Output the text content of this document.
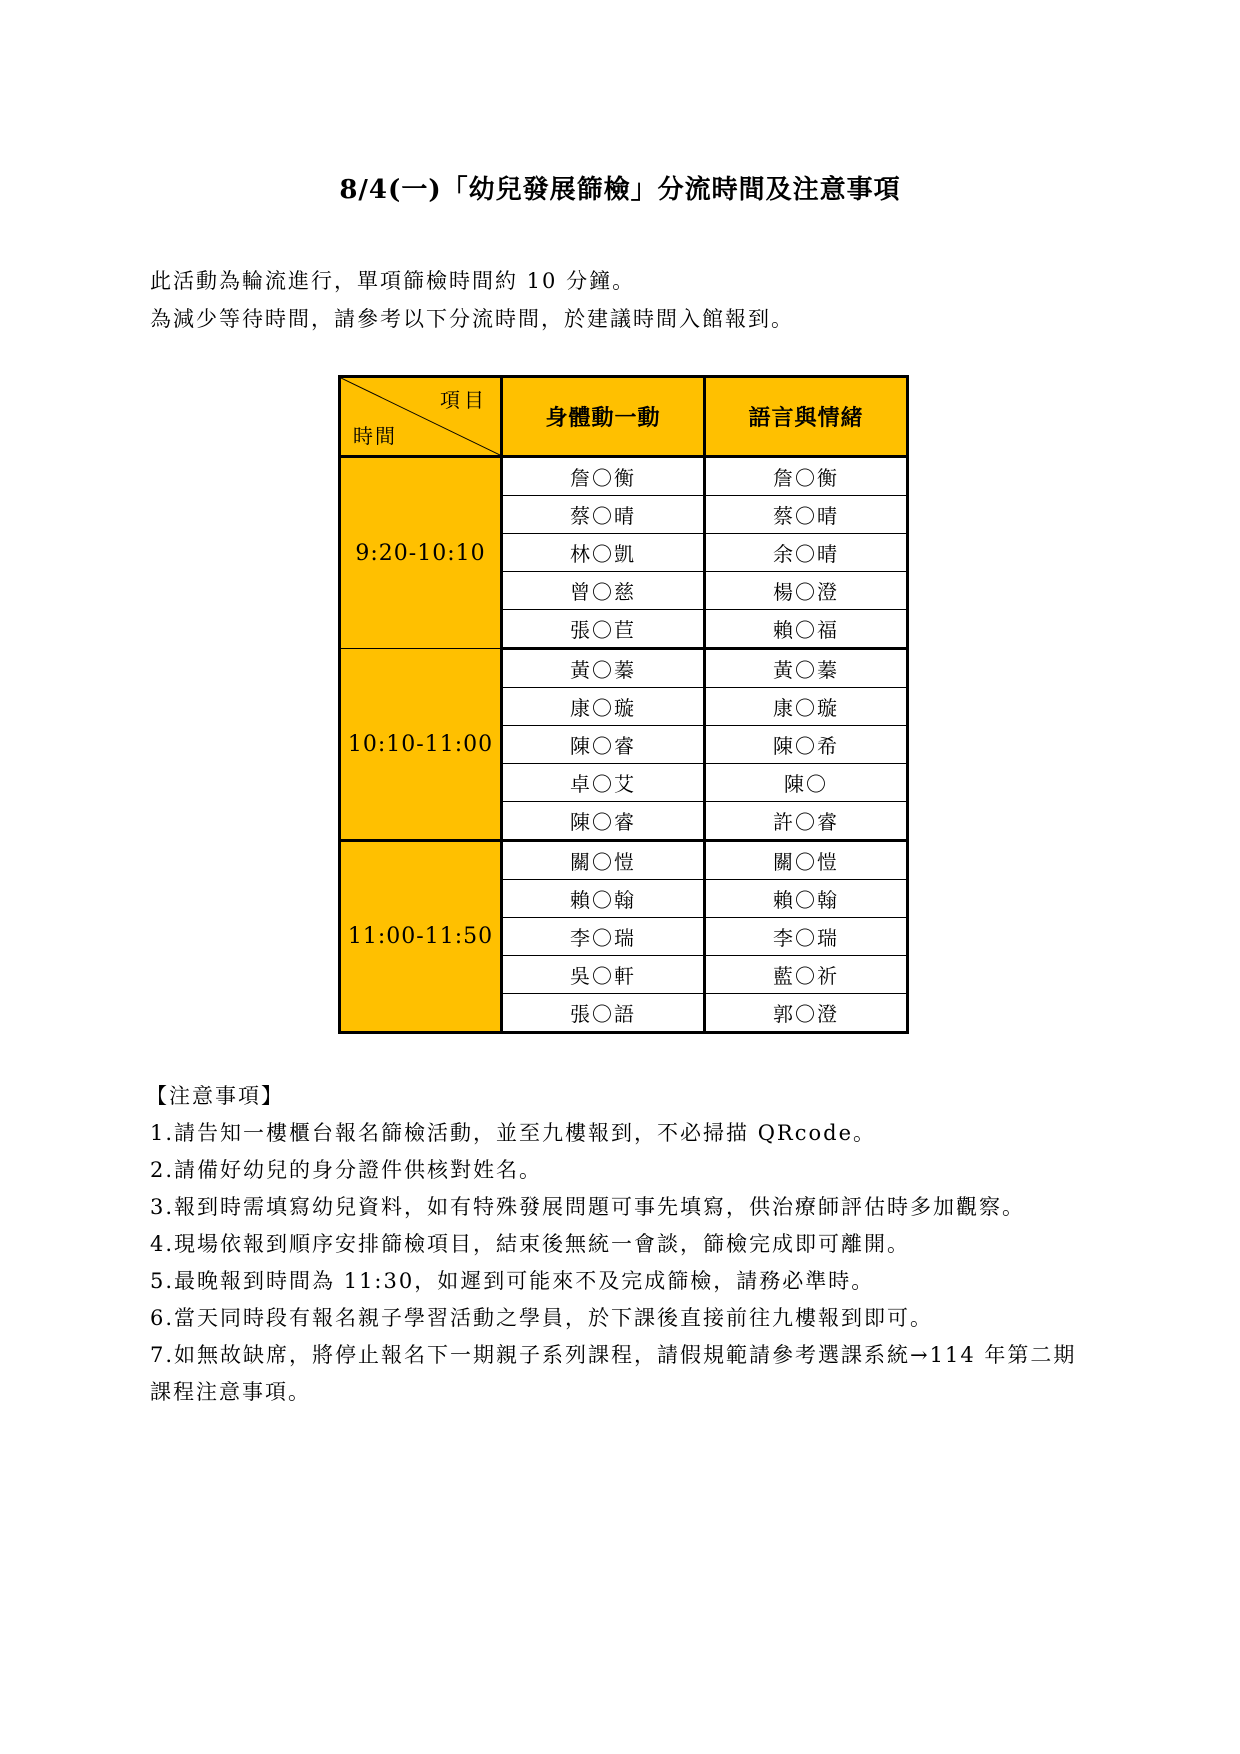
8/4(一)「幼兒發展篩檢」分流時間及注意事項

此活動為輪流進行，單項篩檢時間約 10 分鐘。

為減少等待時間，請參考以下分流時間，於建議時間入館報到。

項目
時間	身體動一動	語言與情緒
9:20-10:10	詹〇衡	詹〇衡
	蔡〇晴	蔡〇晴
	林〇凱	余〇晴
	曾〇慈	楊〇澄
	張〇苣	賴〇福
10:10-11:00	黃〇蓁	黃〇蓁
	康〇璇	康〇璇
	陳〇睿	陳〇希
	卓〇艾	陳〇
	陳〇睿	許〇睿
11:00-11:50	關〇愷	關〇愷
	賴〇翰	賴〇翰
	李〇瑞	李〇瑞
	吳〇軒	藍〇祈
	張〇語	郭〇澄

【注意事項】

1.請告知一樓櫃台報名篩檢活動，並至九樓報到，不必掃描 QRcode。

2.請備好幼兒的身分證件供核對姓名。

3.報到時需填寫幼兒資料，如有特殊發展問題可事先填寫，供治療師評估時多加觀察。

4.現場依報到順序安排篩檢項目，結束後無統一會談，篩檢完成即可離開。

5.最晚報到時間為 11:30，如遲到可能來不及完成篩檢，請務必準時。

6.當天同時段有報名親子學習活動之學員，於下課後直接前往九樓報到即可。

7.如無故缺席，將停止報名下一期親子系列課程，請假規範請參考選課系統→114 年第二期課程注意事項。
